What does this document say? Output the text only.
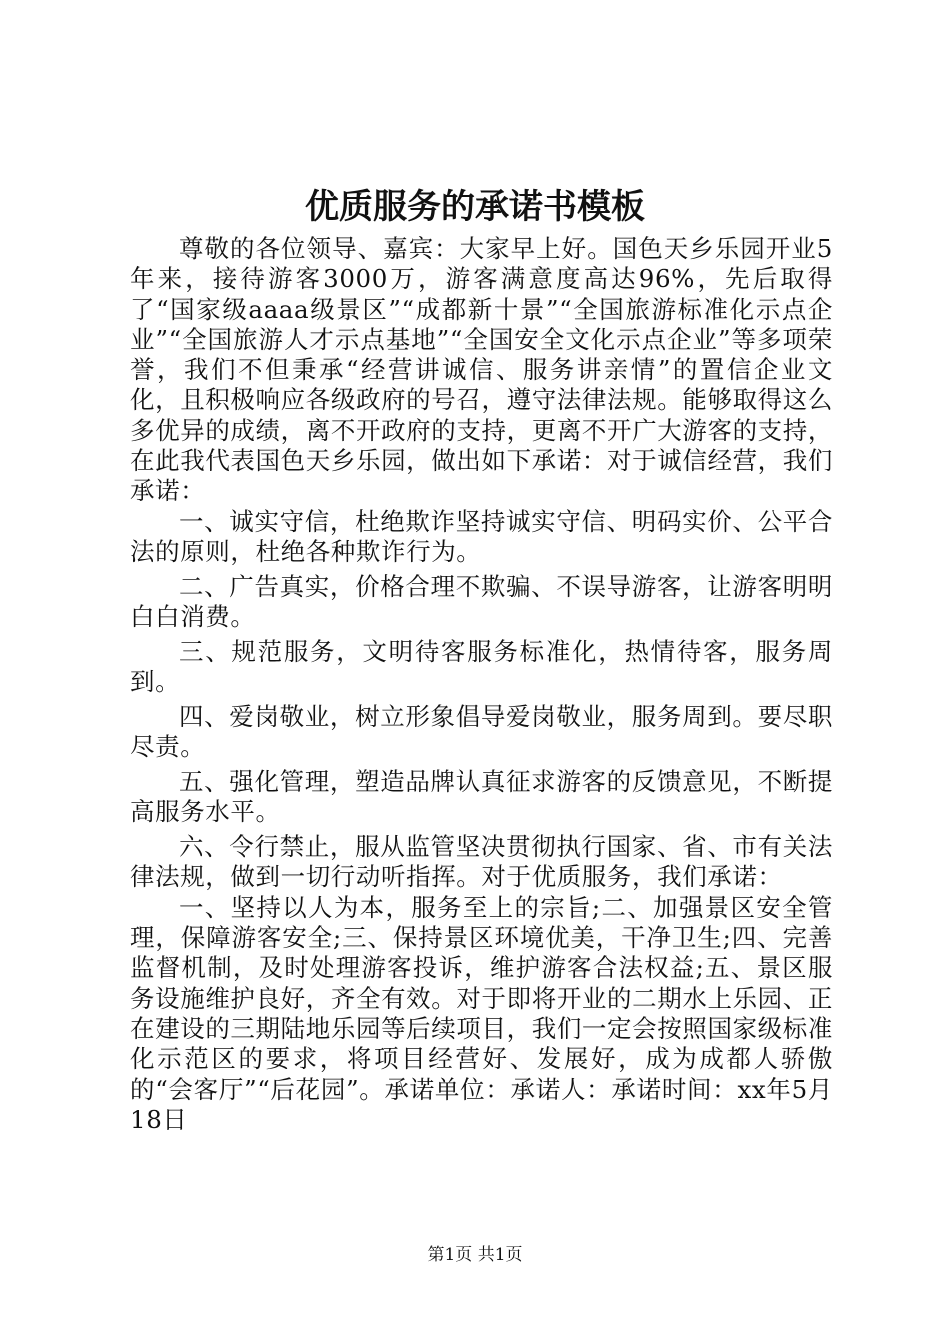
优质服务的承诺书模板

尊敬的各位领导、嘉宾：大家早上好。国色天乡乐园开业5年来，接待游客3000万，游客满意度高达96%，先后取得了“国家级aaaa级景区”“成都新十景”“全国旅游标准化示点企业”“全国旅游人才示点基地”“全国安全文化示点企业”等多项荣誉，我们不但秉承“经营讲诚信、服务讲亲情”的置信企业文化，且积极响应各级政府的号召，遵守法律法规。能够取得这么多优异的成绩，离不开政府的支持，更离不开广大游客的支持，在此我代表国色天乡乐园，做出如下承诺：对于诚信经营，我们承诺：

一、诚实守信，杜绝欺诈坚持诚实守信、明码实价、公平合法的原则，杜绝各种欺诈行为。

二、广告真实，价格合理不欺骗、不误导游客，让游客明明白白消费。

三、规范服务，文明待客服务标准化，热情待客，服务周到。

四、爱岗敬业，树立形象倡导爱岗敬业，服务周到。要尽职尽责。

五、强化管理，塑造品牌认真征求游客的反馈意见，不断提高服务水平。

六、令行禁止，服从监管坚决贯彻执行国家、省、市有关法律法规，做到一切行动听指挥。对于优质服务，我们承诺：

一、坚持以人为本，服务至上的宗旨;二、加强景区安全管理，保障游客安全;三、保持景区环境优美，干净卫生;四、完善监督机制，及时处理游客投诉，维护游客合法权益;五、景区服务设施维护良好，齐全有效。对于即将开业的二期水上乐园、正在建设的三期陆地乐园等后续项目，我们一定会按照国家级标准化示范区的要求，将项目经营好、发展好，成为成都人骄傲的“会客厅”“后花园”。承诺单位：承诺人：承诺时间：xx年5月18日

第1页 共1页
